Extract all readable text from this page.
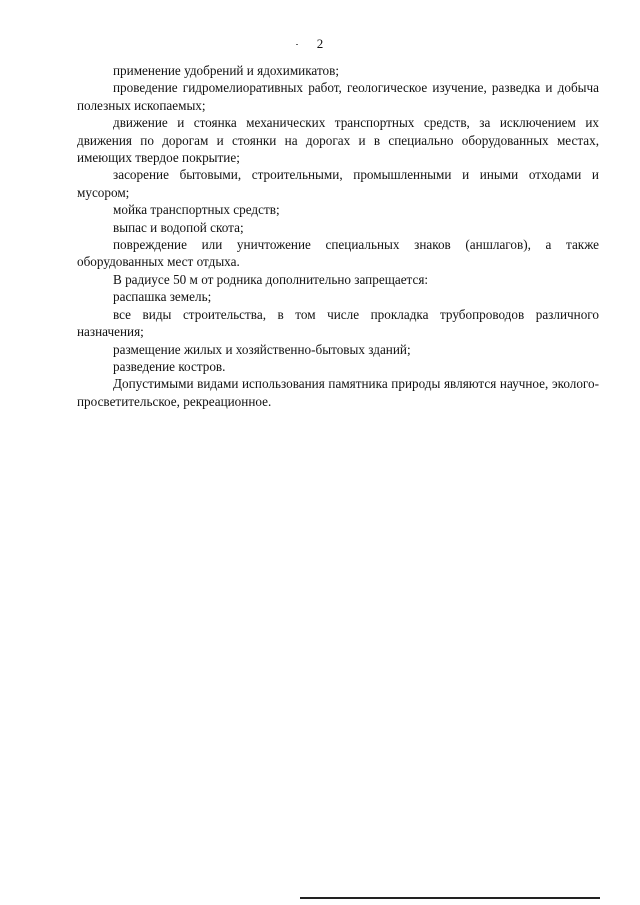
2

применение удобрений и ядохимикатов;

проведение гидромелиоративных работ, геологическое изучение, разведка и добыча полезных ископаемых;

движение и стоянка механических транспортных средств, за исключением их движения по дорогам и стоянки на дорогах и в специально оборудованных местах, имеющих твердое покрытие;

засорение бытовыми, строительными, промышленными и иными отходами и мусором;

мойка транспортных средств;

выпас и водопой скота;

повреждение или уничтожение специальных знаков (аншлагов), а также оборудованных мест отдыха.

В радиусе 50 м от родника дополнительно запрещается:

распашка земель;

все виды строительства, в том числе прокладка трубопроводов различного назначения;

размещение жилых и хозяйственно-бытовых зданий;

разведение костров.

Допустимыми видами использования памятника природы являются научное, эколого-просветительское, рекреационное.
